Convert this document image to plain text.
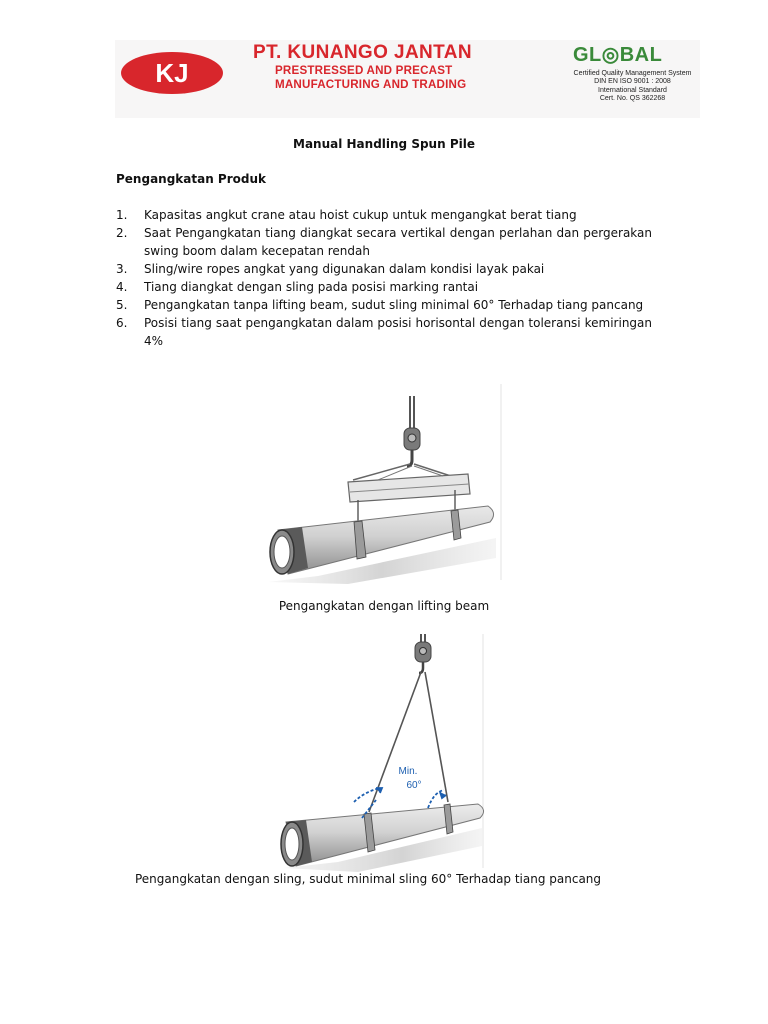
KJ
PT. KUNANGO JANTAN
PRESTRESSED AND PRECAST
MANUFACTURING AND TRADING
GL◎BAL
Certified Quality Management System
DIN EN ISO 9001 : 2008
International Standard
Cert. No. QS 362268
Manual Handling Spun Pile
Pengangkatan Produk
1. Kapasitas angkut crane atau hoist cukup untuk mengangkat berat tiang
2. Saat Pengangkatan tiang diangkat secara vertikal dengan perlahan dan pergerakan swing boom dalam kecepatan rendah
3. Sling/wire ropes angkat yang digunakan dalam kondisi layak pakai
4. Tiang diangkat dengan sling pada posisi marking rantai
5. Pengangkatan tanpa lifting beam, sudut sling minimal 60° Terhadap tiang pancang
6. Posisi tiang saat pengangkatan dalam posisi horisontal dengan toleransi kemiringan 4%
Pengangkatan dengan lifting beam
Min.
60°
Pengangkatan dengan sling, sudut minimal sling 60° Terhadap tiang pancang
